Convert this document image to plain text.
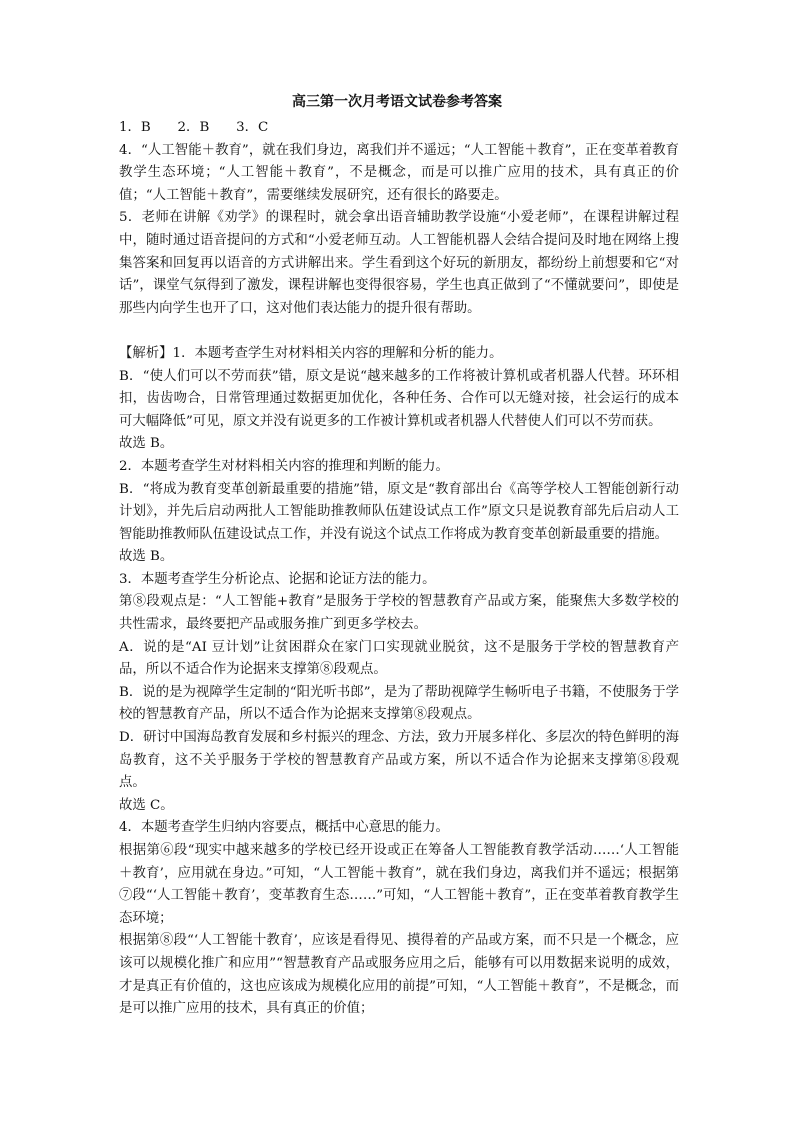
高三第一次月考语文试卷参考答案

1．B　　2．B　　3．C

4．“人工智能＋教育”，就在我们身边，离我们并不遥远；“人工智能＋教育”，正在变革着教育教学生态环境；“人工智能＋教育”，不是概念，而是可以推广应用的技术，具有真正的价值；“人工智能＋教育”，需要继续发展研究，还有很长的路要走。

5．老师在讲解《劝学》的课程时，就会拿出语音辅助教学设施“小爱老师”，在课程讲解过程中，随时通过语音提问的方式和“小爱老师互动。人工智能机器人会结合提问及时地在网络上搜集答案和回复再以语音的方式讲解出来。学生看到这个好玩的新朋友，都纷纷上前想要和它“对话”，课堂气氛得到了激发，课程讲解也变得很容易，学生也真正做到了“不懂就要问”，即使是那些内向学生也开了口，这对他们表达能力的提升很有帮助。

【解析】1．本题考查学生对材料相关内容的理解和分析的能力。

B．“使人们可以不劳而获”错，原文是说“越来越多的工作将被计算机或者机器人代替。环环相扣，齿齿吻合，日常管理通过数据更加优化，各种任务、合作可以无缝对接，社会运行的成本可大幅降低”可见，原文并没有说更多的工作被计算机或者机器人代替使人们可以不劳而获。

故选 B。

2．本题考查学生对材料相关内容的推理和判断的能力。

B．“将成为教育变革创新最重要的措施”错，原文是“教育部出台《高等学校人工智能创新行动计划》，并先后启动两批人工智能助推教师队伍建设试点工作”原文只是说教育部先后启动人工智能助推教师队伍建设试点工作，并没有说这个试点工作将成为教育变革创新最重要的措施。

故选 B。

3．本题考查学生分析论点、论据和论证方法的能力。

第⑧段观点是：“人工智能+教育”是服务于学校的智慧教育产品或方案，能聚焦大多数学校的共性需求，最终要把产品或服务推广到更多学校去。

A．说的是“AI 豆计划”让贫困群众在家门口实现就业脱贫，这不是服务于学校的智慧教育产品，所以不适合作为论据来支撑第⑧段观点。

B．说的是为视障学生定制的“阳光听书郎”，是为了帮助视障学生畅听电子书籍，不使服务于学校的智慧教育产品，所以不适合作为论据来支撑第⑧段观点。

D．研讨中国海岛教育发展和乡村振兴的理念、方法，致力开展多样化、多层次的特色鲜明的海岛教育，这不关乎服务于学校的智慧教育产品或方案，所以不适合作为论据来支撑第⑧段观点。

故选 C。

4．本题考查学生归纳内容要点，概括中心意思的能力。

根据第⑥段“现实中越来越多的学校已经开设或正在筹备人工智能教育教学活动……‘人工智能＋教育’，应用就在身边。”可知，“人工智能＋教育”，就在我们身边，离我们并不遥远；根据第⑦段“‘人工智能＋教育’，变革教育生态……”可知，“人工智能＋教育”，正在变革着教育教学生态环境；

根据第⑧段“‘人工智能十教育’，应该是看得见、摸得着的产品或方案，而不只是一个概念，应该可以规模化推广和应用”“智慧教育产品或服务应用之后，能够有可以用数据来说明的成效，才是真正有价值的，这也应该成为规模化应用的前提”可知，“人工智能＋教育”，不是概念，而是可以推广应用的技术，具有真正的价值；
